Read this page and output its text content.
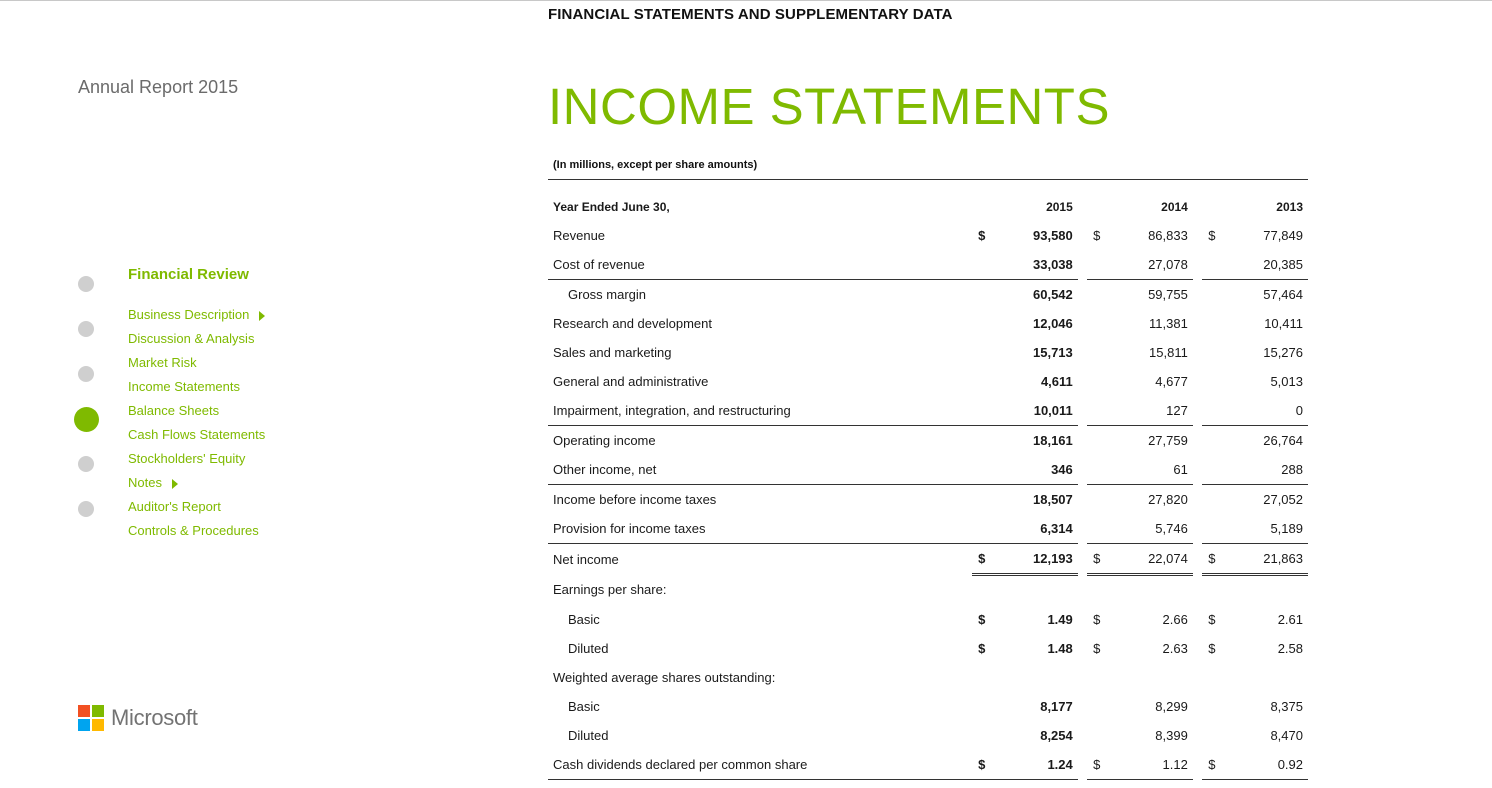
FINANCIAL STATEMENTS AND SUPPLEMENTARY DATA
Annual Report 2015	INCOME STATEMENTS
Financial Review
Business Description
Discussion & Analysis
Market Risk
Income Statements
Balance Sheets
Cash Flows Statements
Stockholders' Equity
Notes
Auditor's Report
Controls & Procedures
Microsoft
(In millions, except per share amounts)
Year Ended June 30,		2015			2014			2013
Revenue	$	93,580		$	86,833		$	77,849
Cost of revenue		33,038			27,078			20,385
Gross margin		60,542			59,755			57,464
Research and development		12,046			11,381			10,411
Sales and marketing		15,713			15,811			15,276
General and administrative		4,611			4,677			5,013
Impairment, integration, and restructuring		10,011			127			0
Operating income		18,161			27,759			26,764
Other income, net		346			61			288
Income before income taxes		18,507			27,820			27,052
Provision for income taxes		6,314			5,746			5,189
Net income	$	12,193		$	22,074		$	21,863
Earnings per share:								
Basic	$	1.49		$	2.66		$	2.61
Diluted	$	1.48		$	2.63		$	2.58
Weighted average shares outstanding:								
Basic		8,177			8,299			8,375
Diluted		8,254			8,399			8,470
Cash dividends declared per common share	$	1.24		$	1.12		$	0.92
